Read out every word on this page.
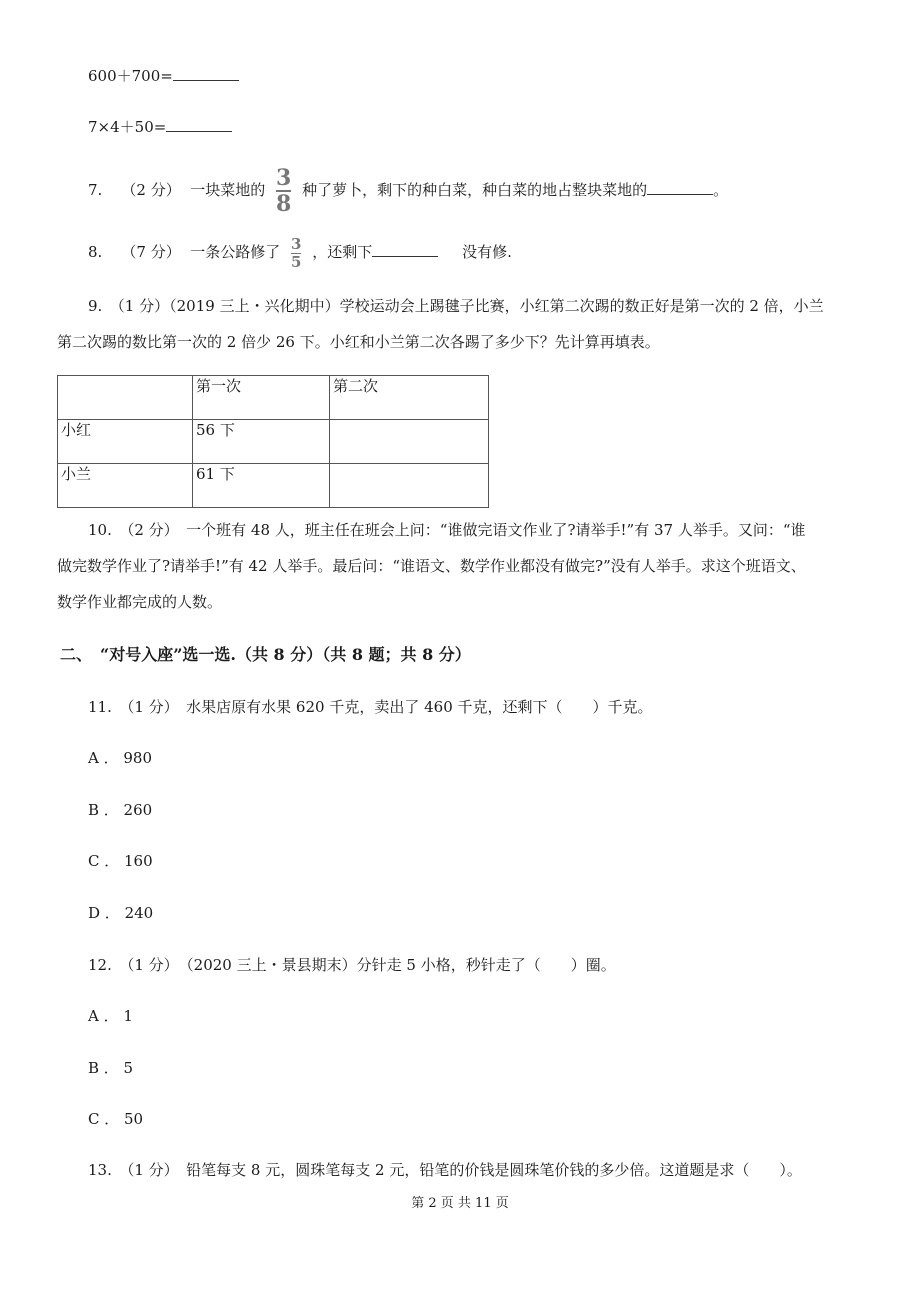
600＋700=
7×4＋50=
7. （2 分） 一块菜地的 $\frac{3}{8}$ 种了萝卜，剩下的种白菜，种白菜的地占整块菜地的	。
8. （7 分） 一条公路修了 $\frac{3}{5}$ ，还剩下	没有修.
9.　（1 分）（2019 三上・兴化期中）学校运动会上踢毽子比赛，小红第二次踢的数正好是第一次的 2 倍，小兰
第二次踢的数比第一次的 2 倍少 26 下。小红和小兰第二次各踢了多少下？先计算再填表。
	第一次	第二次
小红	56 下	
小兰	61 下	
10.　（2 分）　一个班有 48 人，班主任在班会上问：“谁做完语文作业了?请举手!”有 37 人举手。又问：“谁
做完数学作业了?请举手!”有 42 人举手。最后问：“谁语文、数学作业都没有做完?”没有人举手。求这个班语文、
数学作业都完成的人数。
二、　“对号入座”选一选.（共 8 分）（共 8 题；共 8 分）
11.　（1 分）　水果店原有水果 620 千克，卖出了 460 千克，还剩下（　　）千克。
A ． 980
B ． 260
C ． 160
D ． 240
12.　（1 分）　（2020 三上・景县期末）分针走 5 小格，秒针走了（　　）圈。
A ． 1
B ． 5
C ． 50
13.　（1 分）　铅笔每支 8 元，圆珠笔每支 2 元，铅笔的价钱是圆珠笔价钱的多少倍。这道题是求（　　）。
第 2 页 共 11 页
